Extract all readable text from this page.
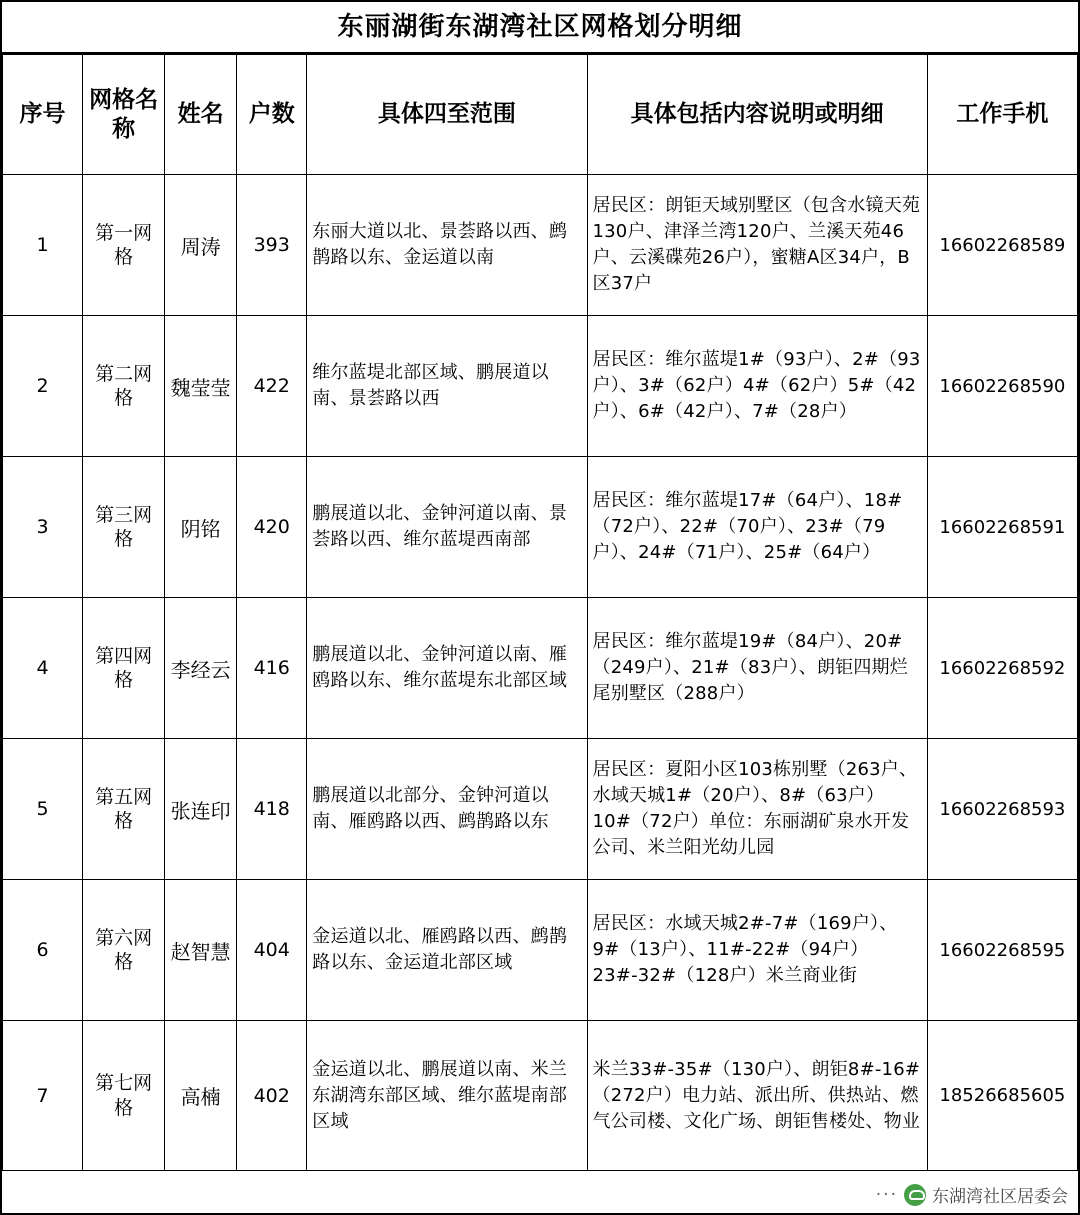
东丽湖街东湖湾社区网格划分明细
序号	网格名称	姓名	户数	具体四至范围	具体包括内容说明或明细	工作手机
1	第一网格	周涛	393	东丽大道以北、景荟路以西、鹧鹊路以东、金运道以南	居民区：朗钜天域别墅区（包含水镜天苑130户、津泽兰湾120户、兰溪天苑46户、云溪碟苑26户），蜜糖A区34户，B区37户	16602268589
2	第二网格	魏莹莹	422	维尔蓝堤北部区域、鹏展道以南、景荟路以西	居民区：维尔蓝堤1#（93户）、2#（93户）、3#（62户）4#（62户）5#（42户）、6#（42户）、7#（28户）	16602268590
3	第三网格	阴铭	420	鹏展道以北、金钟河道以南、景荟路以西、维尔蓝堤西南部	居民区：维尔蓝堤17#（64户）、18#（72户）、22#（70户）、23#（79户）、24#（71户）、25#（64户）	16602268591
4	第四网格	李经云	416	鹏展道以北、金钟河道以南、雁鸥路以东、维尔蓝堤东北部区域	居民区：维尔蓝堤19#（84户）、20#（249户）、21#（83户）、朗钜四期烂尾别墅区（288户）	16602268592
5	第五网格	张连印	418	鹏展道以北部分、金钟河道以南、雁鸥路以西、鹧鹊路以东	居民区：夏阳小区103栋别墅（263户、水域天城1#（20户）、8#（63户）10#（72户）单位：东丽湖矿泉水开发公司、米兰阳光幼儿园	16602268593
6	第六网格	赵智慧	404	金运道以北、雁鸥路以西、鹧鹊路以东、金运道北部区域	居民区：水域天城2#-7#（169户）、9#（13户）、11#-22#（94户）23#-32#（128户）米兰商业街	16602268595
7	第七网格	高楠	402	金运道以北、鹏展道以南、米兰东湖湾东部区域、维尔蓝堤南部区域	米兰33#-35#（130户）、朗钜8#-16#（272户）电力站、派出所、供热站、燃气公司楼、文化广场、朗钜售楼处、物业	18526685605
··· 东湖湾社区居委会
